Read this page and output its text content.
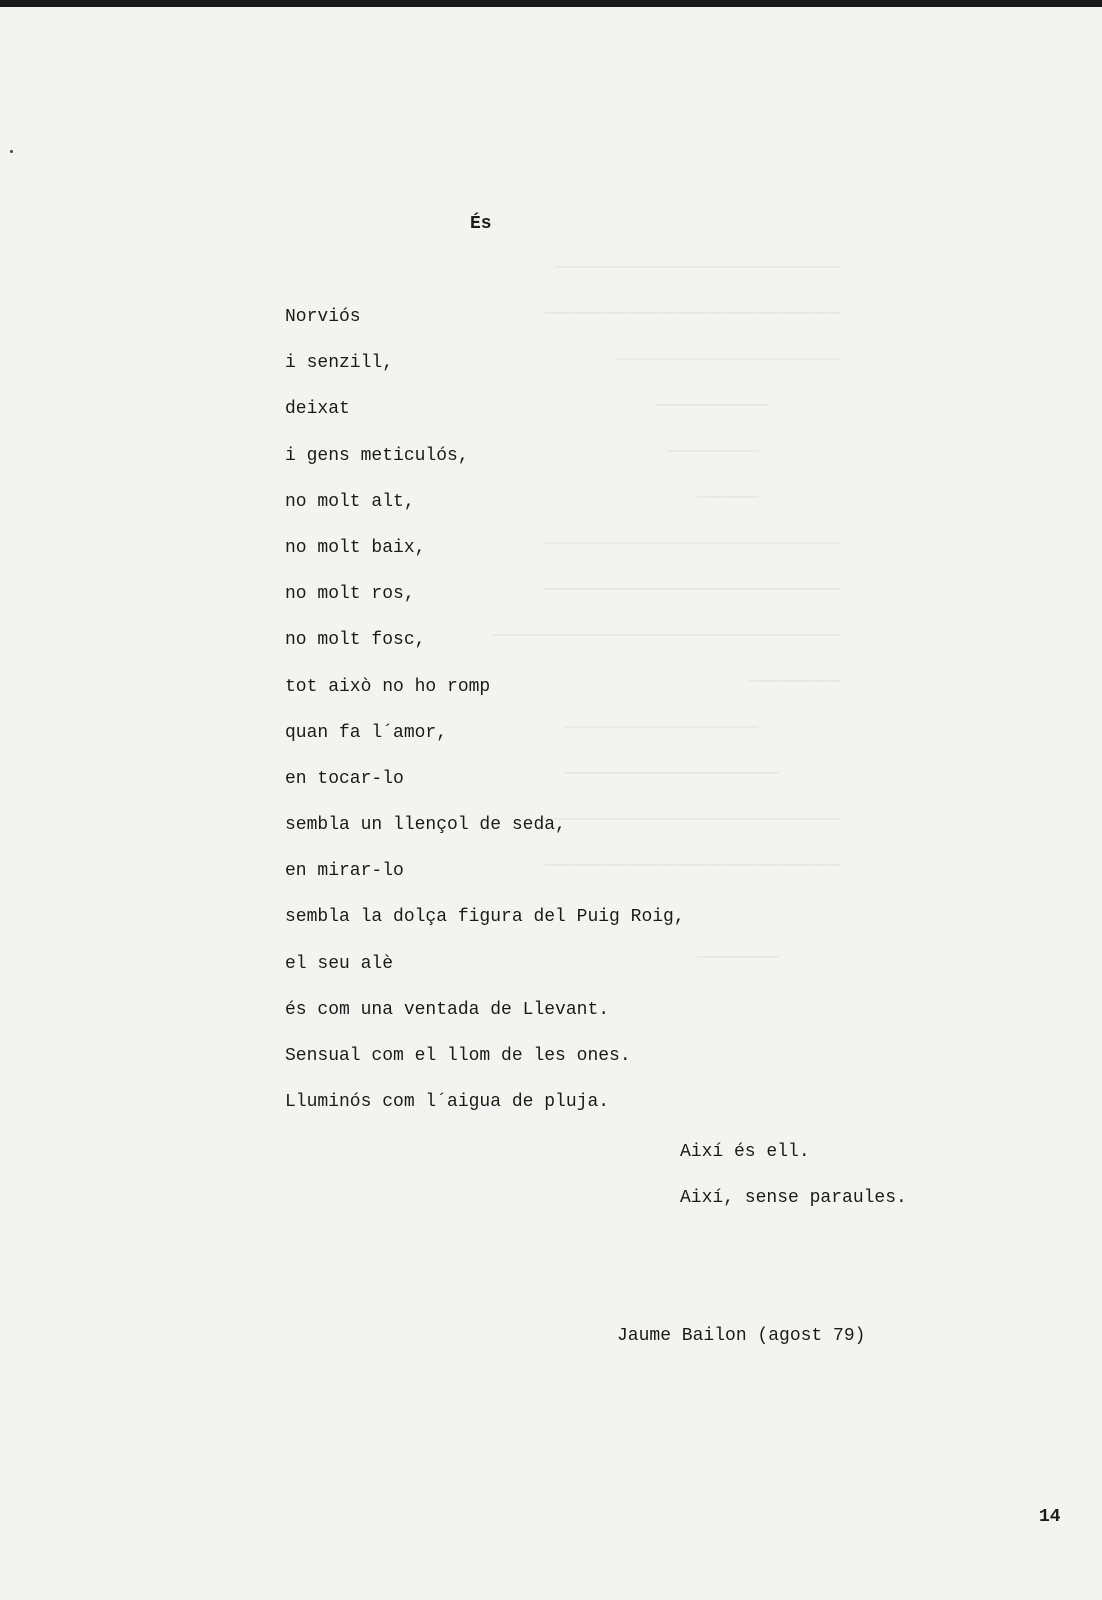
────────────────────────────
─────────────────────────────
──────────────────────
───────────
─────────
──────
─────────────────────────────
─────────────────────────────
──────────────────────────────────
─────────
───────────────────
─────────────────────
─────────────────────────────
─────────────────────────────

────────

És
Norviós
i senzill,
deixat
i gens meticulós,
no molt alt,
no molt baix,
no molt ros,
no molt fosc,
tot això no ho romp
quan fa l´amor,
en tocar-lo
sembla un llençol de seda,
en mirar-lo
sembla la dolça figura del Puig Roig,
el seu alè
és com una ventada de Llevant.
Sensual com el llom de les ones.
Lluminós com l´aigua de pluja.
Així és ell.
Així, sense paraules.
Jaume Bailon (agost 79)
14
